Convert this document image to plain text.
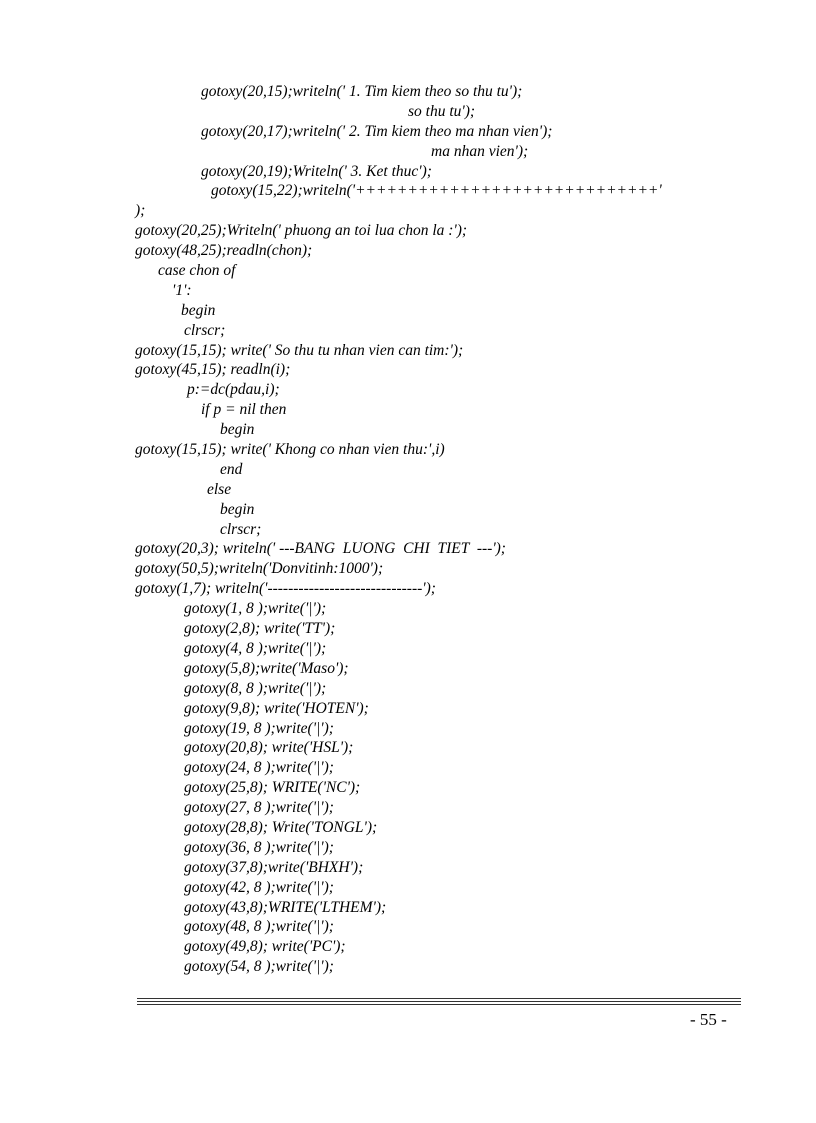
gotoxy(20,15);writeln(' 1. Tim kiem theo so thu tu');
so thu tu');
gotoxy(20,17);writeln(' 2. Tim kiem theo ma nhan vien');
ma nhan vien');
gotoxy(20,19);Writeln(' 3. Ket thuc');
gotoxy(15,22);writeln('+++++++++++++++++++++++++++++'
);
gotoxy(20,25);Writeln(' phuong an toi lua chon la :');
gotoxy(48,25);readln(chon);
case chon of
'1':
begin
clrscr;
gotoxy(15,15); write(' So thu tu nhan vien can tim:');
gotoxy(45,15); readln(i);
p:=dc(pdau,i);
if p = nil then
begin
gotoxy(15,15); write(' Khong co nhan vien thu:',i)
end
else
begin
clrscr;
gotoxy(20,3); writeln(' ---BANG  LUONG  CHI  TIET  ---');
gotoxy(50,5);writeln('Donvitinh:1000');
gotoxy(1,7); writeln('------------------------------');
gotoxy(1, 8 );write('|');
gotoxy(2,8); write('TT');
gotoxy(4, 8 );write('|');
gotoxy(5,8);write('Maso');
gotoxy(8, 8 );write('|');
gotoxy(9,8); write('HOTEN');
gotoxy(19, 8 );write('|');
gotoxy(20,8); write('HSL');
gotoxy(24, 8 );write('|');
gotoxy(25,8); WRITE('NC');
gotoxy(27, 8 );write('|');
gotoxy(28,8); Write('TONGL');
gotoxy(36, 8 );write('|');
gotoxy(37,8);write('BHXH');
gotoxy(42, 8 );write('|');
gotoxy(43,8);WRITE('LTHEM');
gotoxy(48, 8 );write('|');
gotoxy(49,8); write('PC');
gotoxy(54, 8 );write('|');
- 55 -
